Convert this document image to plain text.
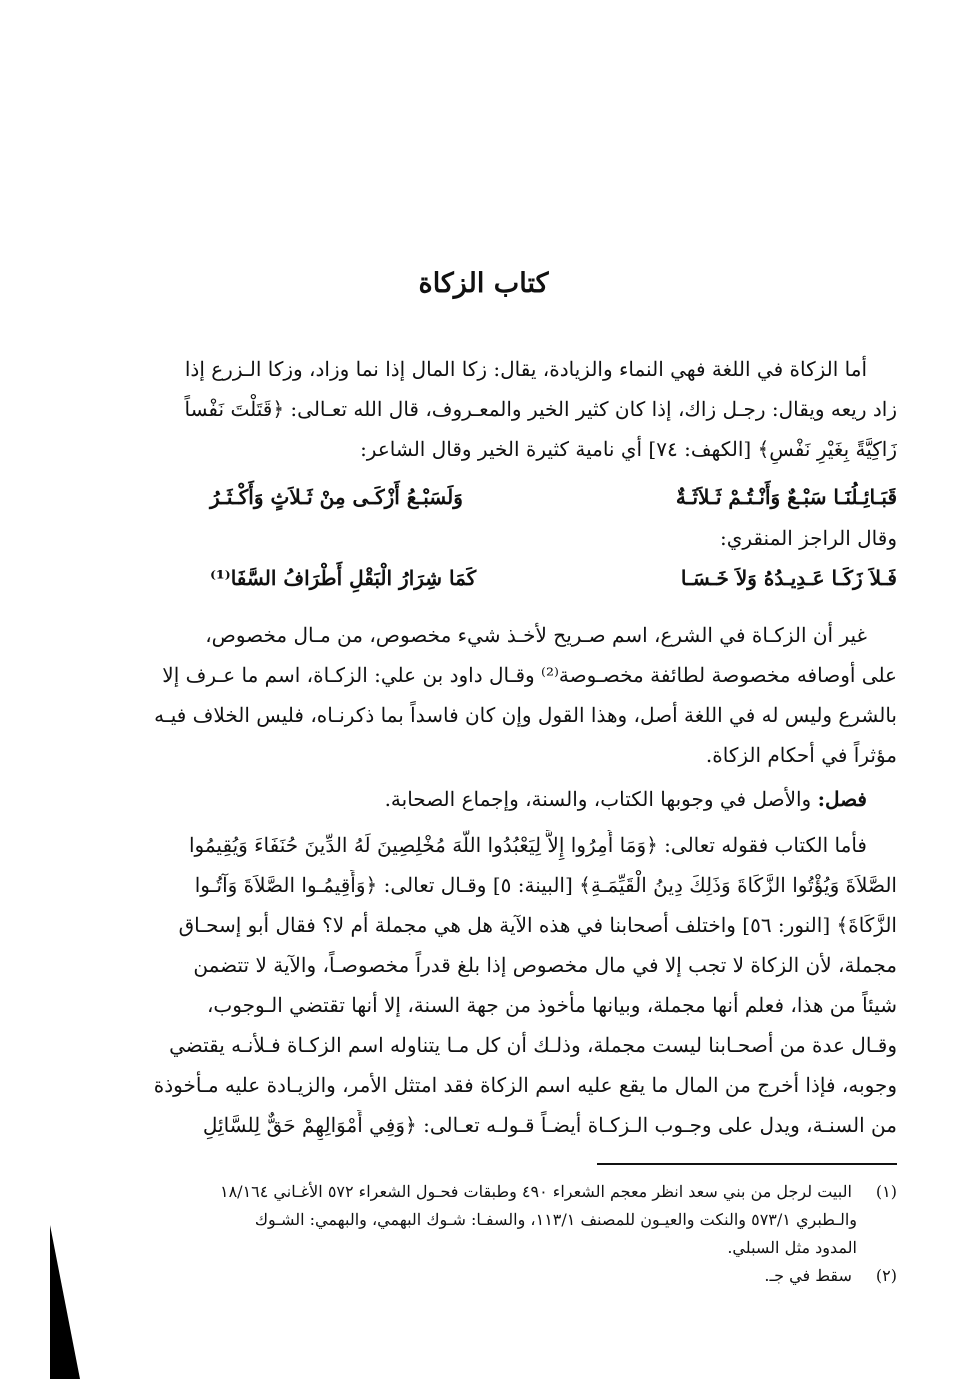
كتاب الزكاة
أما الزكاة في اللغة فهي النماء والزيادة، يقال: زكا المال إذا نما وزاد، وزكا الـزرع إذا
زاد ريعه ويقال: رجـل زاك، إذا كان كثير الخير والمعـروف، قال الله تعـالى: ﴿قَتَلْتَ نَفْساً
زَاكِيَّةً بِغَيْرِ نَفْسٍ﴾ [الكهف: ٧٤] أي نامية كثيرة الخير وقال الشاعر:
قَبَـائِـلُنَـا سَبْـعٌ وَأَنْـتُـمْ ثَـلاَثَـةٌ
وَلَسَبْـعُ أَزْكَـى مِنْ ثَـلاَثٍ وَأَكْـثَـرُ
وقال الراجز المنقري:
فَـلاَ زَكَـا عَـدِيـدُهُ وَلاَ خَـسَـا
كَمَا شِرَارُ الْبَقْلِ أَطْرَافُ السَّفَا⁽¹⁾
غير أن الزكـاة في الشرع، اسم صـريح لأخـذ شيء مخصوص، من مـال مخصوص،
على أوصافه مخصوصة لطائفة مخصـوصة⁽²⁾ وقـال داود بن علي: الزكـاة، اسم ما عـرف إلا
بالشرع وليس له في اللغة أصل، وهذا القول وإن كان فاسداً بما ذكرنـاه، فليس الخلاف فيـه
مؤثراً في أحكام الزكاة.
فصل: والأصل في وجوبها الكتاب، والسنة، وإجماع الصحابة.
فأما الكتاب فقوله تعالى: ﴿وَمَا أُمِرُوا إِلاَّ لِيَعْبُدُوا اللَّهَ مُخْلِصِينَ لَهُ الدِّينَ حُنَفَاءَ وَيُقِيمُوا
الصَّلاَةَ وَيُؤْتُوا الزَّكَاةَ وَذَلِكَ دِينُ الْقَيِّمَـةِ﴾ [البينة: ٥] وقـال تعالى: ﴿وَأَقِيمُـوا الصَّلاَةَ وَآتُـوا
الزَّكَاةَ﴾ [النور: ٥٦] واختلف أصحابنا في هذه الآية هل هي مجملة أم لا؟ فقال أبو إسحـاق
مجملة، لأن الزكاة لا تجب إلا في مال مخصوص إذا بلغ قدراً مخصوصـاً، والآية لا تتضمن
شيئاً من هذا، فعلم أنها مجملة، وبيانها مأخوذ من جهة السنة، إلا أنها تقتضي الـوجوب،
وقـال عدة من أصحـابنا ليست مجملة، وذلـك أن كل مـا يتناوله اسم الزكـاة فـلأنـه يقتضي
وجوبه، فإذا أخرج من المال ما يقع عليه اسم الزكاة فقد امتثل الأمر، والزيـادة عليه مـأخوذة
من السنـة، ويدل على وجـوب الـزكـاة أيضـاً قـولـه تعـالى: ﴿وَفِي أَمْوَالِهِمْ حَقٌّ لِلسَّائِلِ
(١) البيت لرجل من بني سعد انظر معجم الشعراء ٤٩٠ وطبقات فحـول الشعراء ٥٧٢ الأغـاني ١٨/١٦٤
والـطبري ٥٧٣/١ والنكت والعيـون للمصنف ١١٣/١، والسفـا: شـوك البهمي، والبهمي: الشـوك
المدود مثل السبلي.
(٢) سقط في جـ.
